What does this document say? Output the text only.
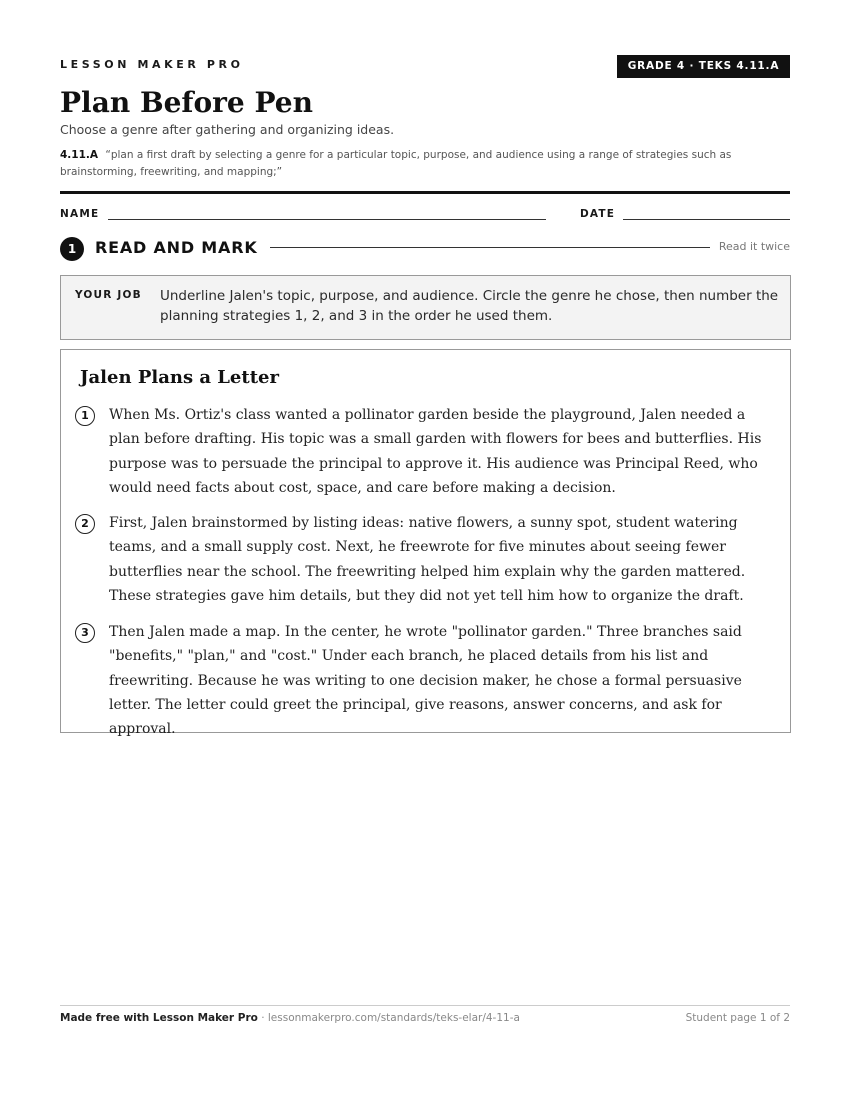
LESSON MAKER PRO	GRADE 4 · TEKS 4.11.A
Plan Before Pen
Choose a genre after gathering and organizing ideas.
4.11.A “plan a first draft by selecting a genre for a particular topic, purpose, and audience using a range of strategies such as brainstorming, freewriting, and mapping;”
NAME	DATE
1	READ AND MARK	Read it twice
YOUR JOB Underline Jalen's topic, purpose, and audience. Circle the genre he chose, then number the planning strategies 1, 2, and 3 in the order he used them.
Jalen Plans a Letter
1	When Ms. Ortiz's class wanted a pollinator garden beside the playground, Jalen needed a plan before drafting. His topic was a small garden with flowers for bees and butterflies. His purpose was to persuade the principal to approve it. His audience was Principal Reed, who would need facts about cost, space, and care before making a decision.
2	First, Jalen brainstormed by listing ideas: native flowers, a sunny spot, student watering teams, and a small supply cost. Next, he freewrote for five minutes about seeing fewer butterflies near the school. The freewriting helped him explain why the garden mattered. These strategies gave him details, but they did not yet tell him how to organize the draft.
3	Then Jalen made a map. In the center, he wrote "pollinator garden." Three branches said "benefits," "plan," and "cost." Under each branch, he placed details from his list and freewriting. Because he was writing to one decision maker, he chose a formal persuasive letter. The letter could greet the principal, give reasons, answer concerns, and ask for approval.
Made free with Lesson Maker Pro · lessonmakerpro.com/standards/teks-elar/4-11-a	Student page 1 of 2
